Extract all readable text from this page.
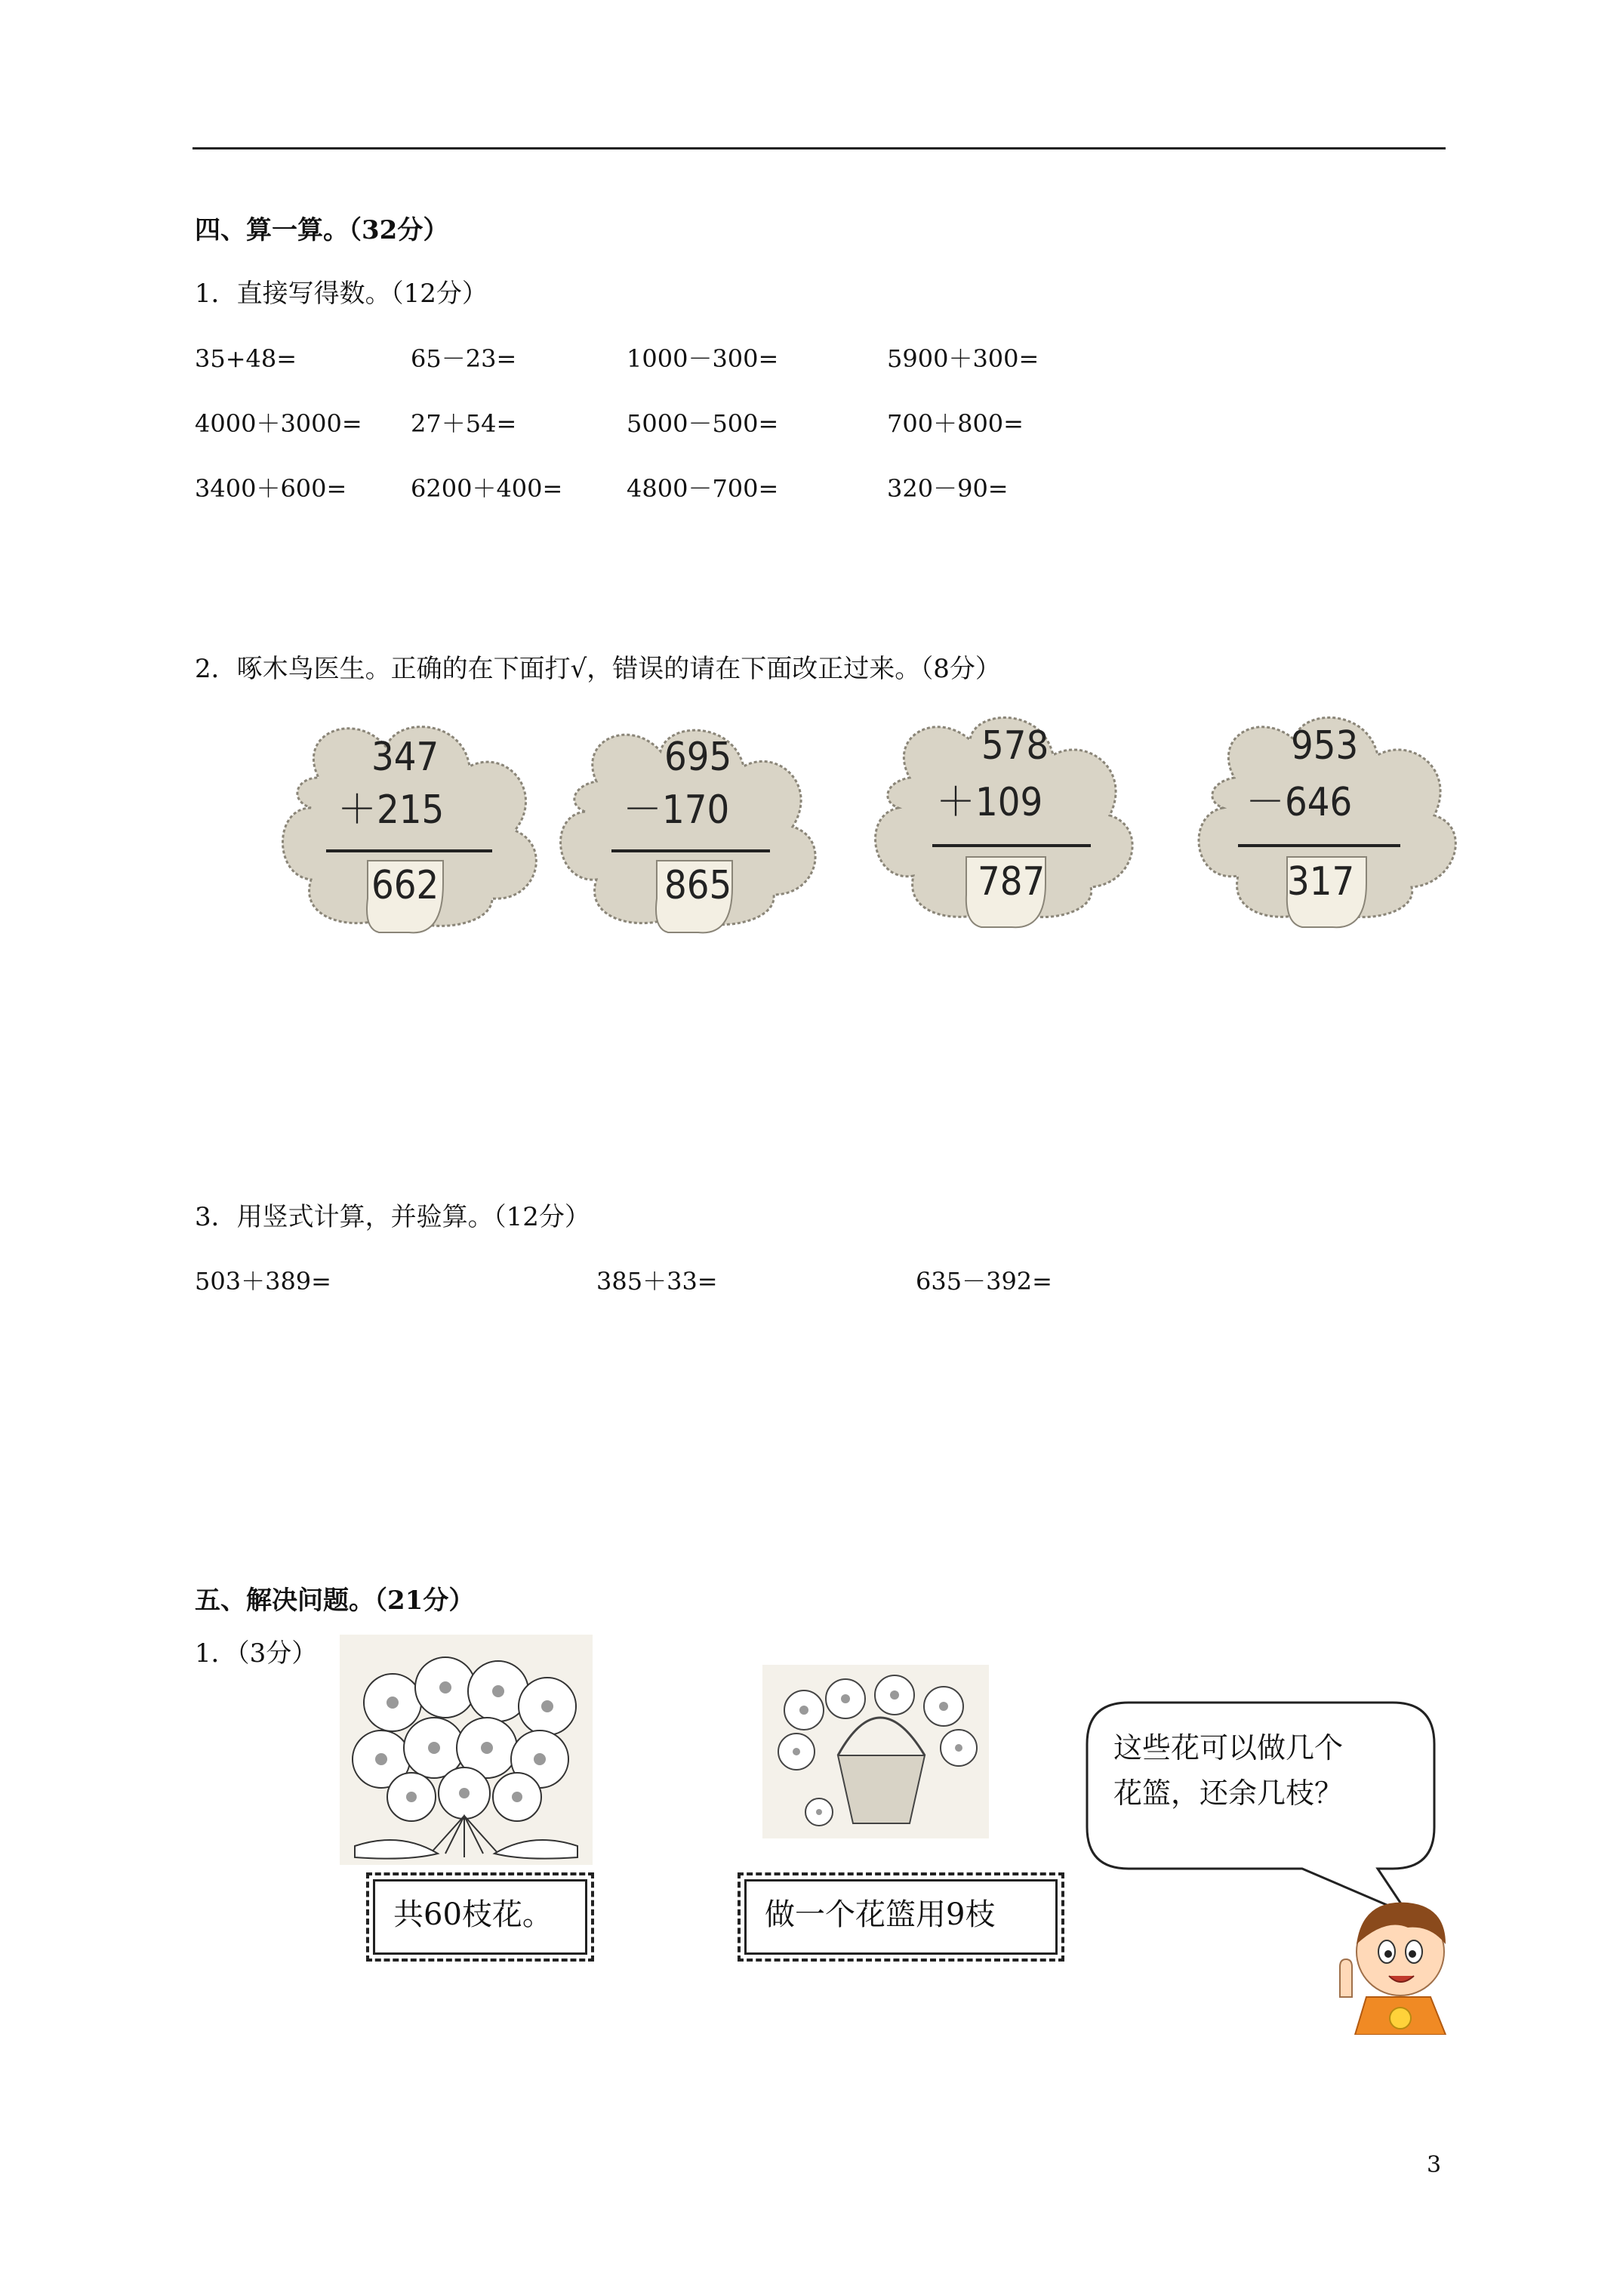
四、算一算。（32分）
1．直接写得数。（12分）
35+48=	65－23=	1000－300=	5900＋300=
4000＋3000= 27＋54=	5000－500=	700＋800=
3400＋600=	6200＋400=	4800－700=	320－90=
2．啄木鸟医生。正确的在下面打√，错误的请在下面改正过来。（8分）
347
＋215
662
695
－170
865
578
＋109
787
953
－646
317
3．用竖式计算，并验算。（12分）
503＋389=	385＋33=	635－392=
五、解决问题。（21分）
1．（3分）
共60枝花。	做一个花篮用9枝
这些花可以做几个
花篮，还余几枝？
3
